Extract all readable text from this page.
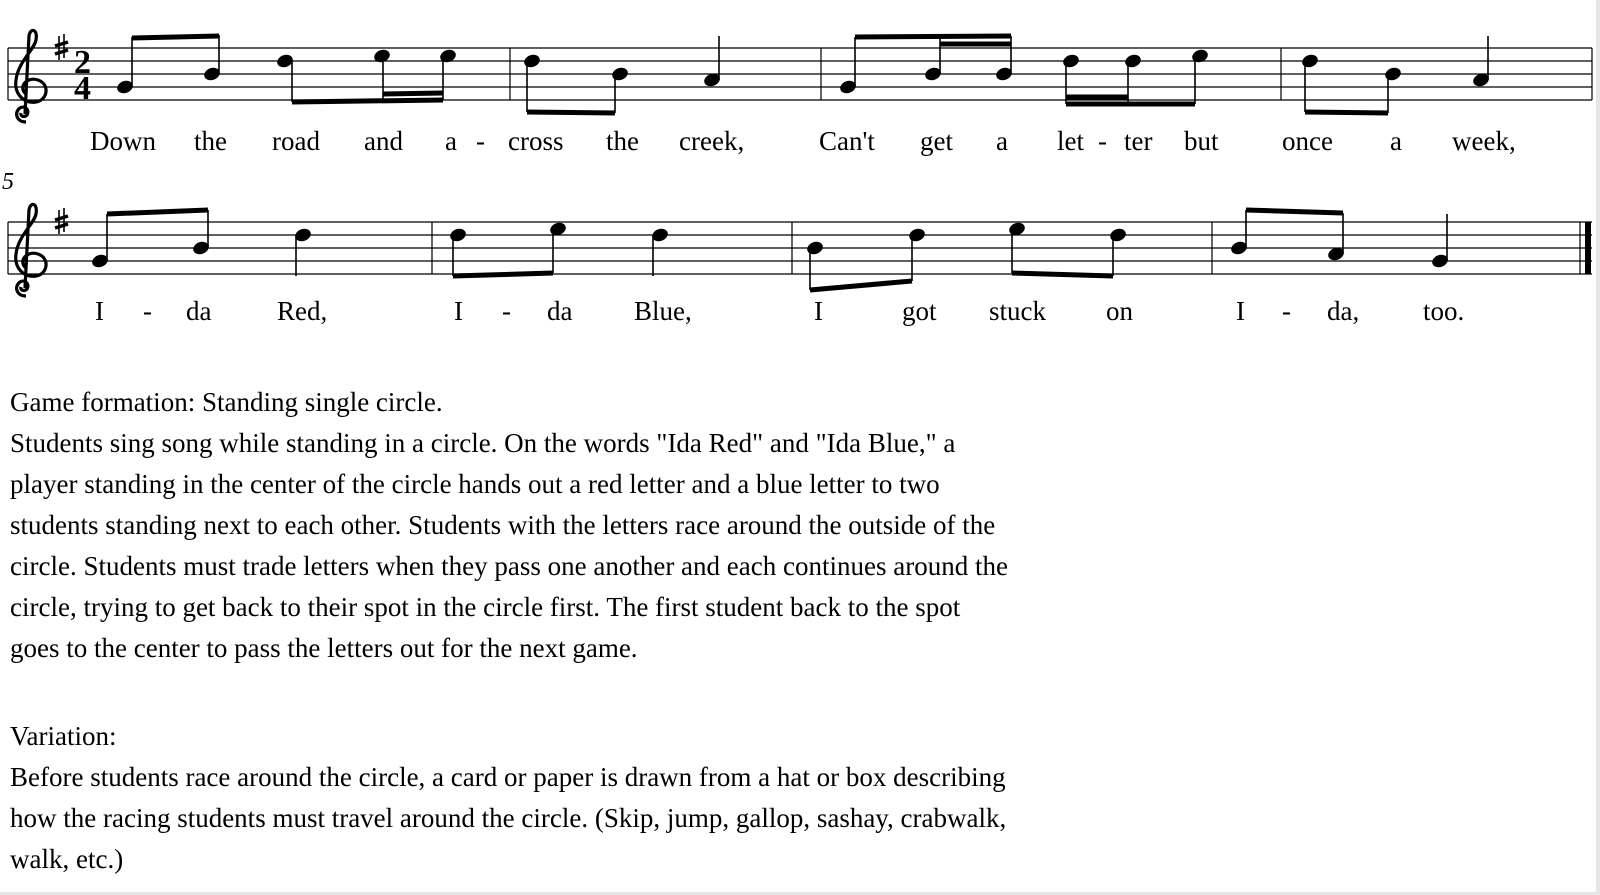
2
4
Down the road and a - cross the creek,	Can't get a let - ter but once a week,
5
I - da Red,	I - da Blue,	I	got stuck on	I - da, too.

Game formation: Standing single circle.

Students sing song while standing in a circle. On the words "Ida Red" and "Ida Blue," a

player standing in the center of the circle hands out a red letter and a blue letter to two

students standing next to each other. Students with the letters race around the outside of the

circle. Students must trade letters when they pass one another and each continues around the

circle, trying to get back to their spot in the circle first. The first student back to the spot

goes to the center to pass the letters out for the next game.

Variation:

Before students race around the circle, a card or paper is drawn from a hat or box describing

how the racing students must travel around the circle. (Skip, jump, gallop, sashay, crabwalk,

walk, etc.)
